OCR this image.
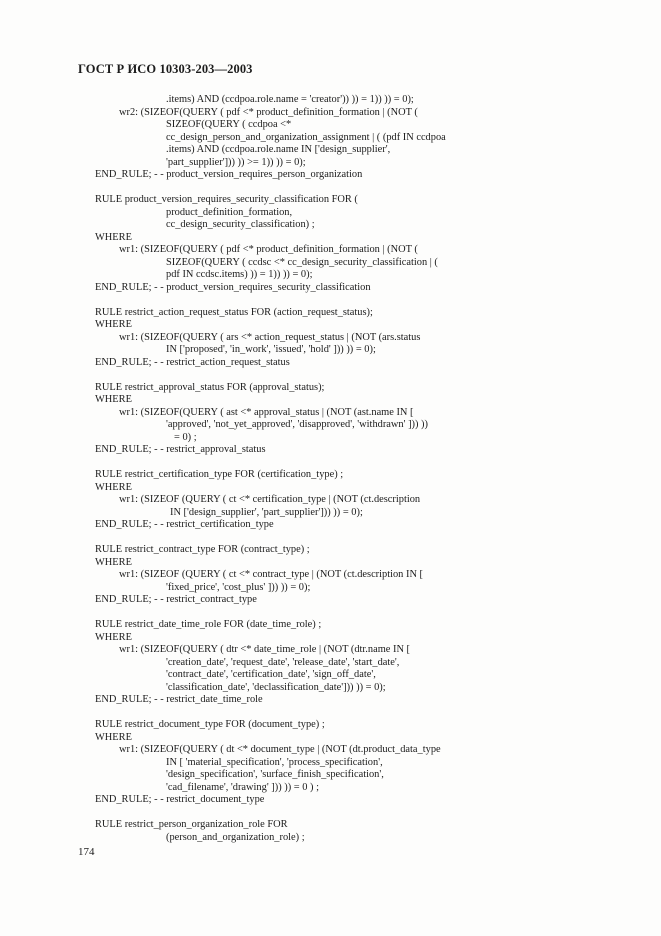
ГОСТ Р ИСО 10303-203—2003
.items) AND (ccdpoa.role.name = 'creator')) )) = 1)) )) = 0);
wr2: (SIZEOF(QUERY ( pdf <* product_definition_formation | (NOT (
SIZEOF(QUERY ( ccdpoa <*
cc_design_person_and_organization_assignment | ( (pdf IN ccdpoa
.items) AND (ccdpoa.role.name IN ['design_supplier',
'part_supplier'])) )) >= 1)) )) = 0);
END_RULE; - - product_version_requires_person_organization
RULE product_version_requires_security_classification FOR (
product_definition_formation,
cc_design_security_classification) ;
WHERE
wr1: (SIZEOF(QUERY ( pdf <* product_definition_formation | (NOT (
SIZEOF(QUERY ( ccdsc <* cc_design_security_classification | (
pdf IN ccdsc.items) )) = 1)) )) = 0);
END_RULE; - - product_version_requires_security_classification
RULE restrict_action_request_status FOR (action_request_status);
WHERE
wr1: (SIZEOF(QUERY ( ars <* action_request_status | (NOT (ars.status
IN ['proposed', 'in_work', 'issued', 'hold' ])) )) = 0);
END_RULE; - - restrict_action_request_status
RULE restrict_approval_status FOR (approval_status);
WHERE
wr1: (SIZEOF(QUERY ( ast <* approval_status | (NOT (ast.name IN [
'approved', 'not_yet_approved', 'disapproved', 'withdrawn' ])) ))
= 0) ;
END_RULE; - - restrict_approval_status
RULE restrict_certification_type FOR (certification_type) ;
WHERE
wr1: (SIZEOF (QUERY ( ct <* certification_type | (NOT (ct.description
IN ['design_supplier', 'part_supplier'])) )) = 0);
END_RULE; - - restrict_certification_type
RULE restrict_contract_type FOR (contract_type) ;
WHERE
wr1: (SIZEOF (QUERY ( ct <* contract_type | (NOT (ct.description IN [
'fixed_price', 'cost_plus' ])) )) = 0);
END_RULE; - - restrict_contract_type
RULE restrict_date_time_role FOR (date_time_role) ;
WHERE
wr1: (SIZEOF(QUERY ( dtr <* date_time_role | (NOT (dtr.name IN [
'creation_date', 'request_date', 'release_date', 'start_date',
'contract_date', 'certification_date', 'sign_off_date',
'classification_date', 'declassification_date'])) )) = 0);
END_RULE; - - restrict_date_time_role
RULE restrict_document_type FOR (document_type) ;
WHERE
wr1: (SIZEOF(QUERY ( dt <* document_type | (NOT (dt.product_data_type
IN [ 'material_specification', 'process_specification',
'design_specification', 'surface_finish_specification',
'cad_filename', 'drawing' ])) )) = 0 ) ;
END_RULE; - - restrict_document_type
RULE restrict_person_organization_role FOR
(person_and_organization_role) ;
174
